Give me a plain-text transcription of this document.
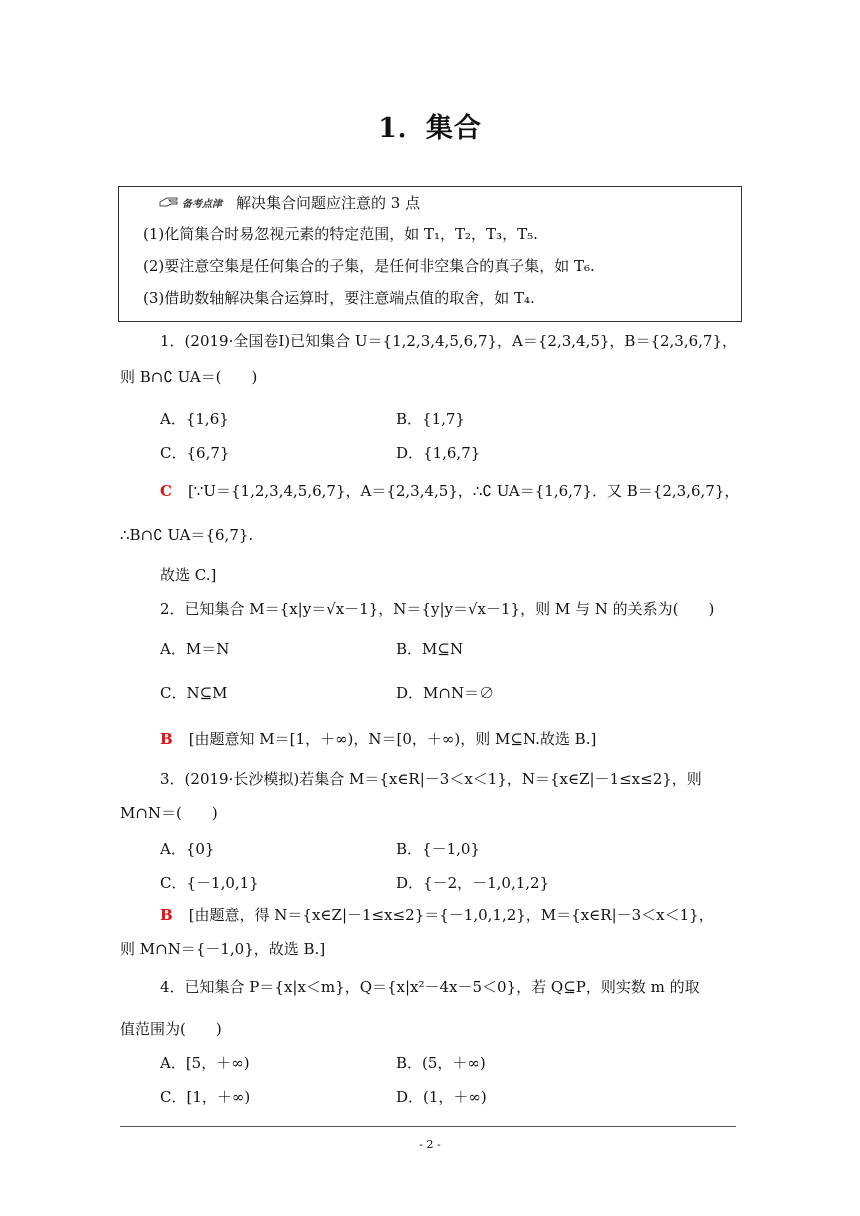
1．集合
备考点津 解决集合问题应注意的 3 点
(1)化简集合时易忽视元素的特定范围，如 T₁，T₂，T₃，T₅.
(2)要注意空集是任何集合的子集，是任何非空集合的真子集，如 T₆.
(3)借助数轴解决集合运算时，要注意端点值的取舍，如 T₄.
1．(2019·全国卷Ⅰ)已知集合 U＝{1,2,3,4,5,6,7}，A＝{2,3,4,5}，B＝{2,3,6,7}，
则 B∩∁ UA＝(　　)
A．{1,6}	B．{1,7}
C．{6,7}	D．{1,6,7}
C [∵U＝{1,2,3,4,5,6,7}，A＝{2,3,4,5}，∴∁ UA＝{1,6,7}．又 B＝{2,3,6,7}，
∴B∩∁ UA＝{6,7}.
故选 C.]
2．已知集合 M＝{x|y＝√x－1}，N＝{y|y＝√x－1}，则 M 与 N 的关系为(　　)
A．M＝N	B．M⊆N
C．N⊆M	D．M∩N＝∅
B [由题意知 M＝[1，＋∞)，N＝[0，＋∞)，则 M⊆N.故选 B.]
3．(2019·长沙模拟)若集合 M＝{x∈R|－3＜x＜1}，N＝{x∈Z|－1≤x≤2}，则
M∩N＝(　　)
A．{0}	B．{－1,0}
C．{－1,0,1}	D．{－2，－1,0,1,2}
B [由题意，得 N＝{x∈Z|－1≤x≤2}＝{－1,0,1,2}，M＝{x∈R|－3＜x＜1}，
则 M∩N＝{－1,0}，故选 B.]
4．已知集合 P＝{x|x＜m}，Q＝{x|x²－4x－5＜0}，若 Q⊆P，则实数 m 的取
值范围为(　　)
A．[5，＋∞)	B．(5，＋∞)
C．[1，＋∞)	D．(1，＋∞)
- 2 -
